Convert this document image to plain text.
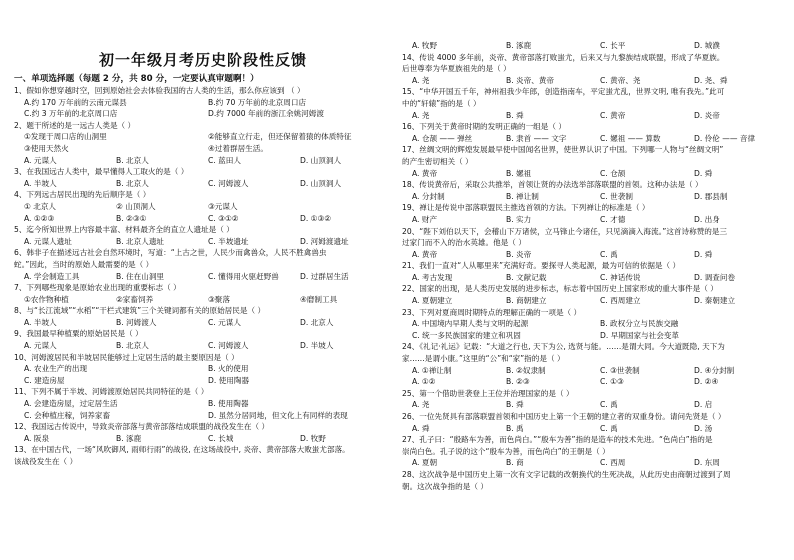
初一年级月考历史阶段性反馈
一、单项选择题（每题 2 分，共 80 分，一定要认真审题啊！）
1、假如你想穿越时空，回到原始社会去体验我国的古人类的生活，那么你应该到 （ ）
A.约 170 万年前的云南元谋县	B.约 70 万年前的北京周口店
C.约 3 万年前的北京周口店	D.约 7000 年前的浙江余姚河姆渡
2、题干所述的是一远古人类是（ ）
①发现于周口店的山洞里	②能够直立行走，但还保留着猿的体质特征
③使用天然火	④过着群居生活。
A. 元谋人	B. 北京人	C. 蓝田人	D. 山顶洞人
3、在我国远古人类中，最早懂得人工取火的是（ ）
A. 半坡人	B. 北京人	C. 河姆渡人	D. 山顶洞人
4、下列远古居民出现的先后顺序是（ ）
① 北京人	② 山顶洞人	③元谋人
A. ①②③	B. ②③①	C. ③①②	D. ①③②
5、迄今所知世界上内容最丰富、材料最齐全的直立人遗址是（ ）
A. 元谋人遗址	B. 北京人遗址	C. 半坡遗址	D. 河姆渡遗址
6、韩非子在描述远古社会自然环境时，写道：“上古之世，人民少而禽兽众，人民不胜禽兽虫
蛇。”因此，当时的原始人最需要的是（ ）
A. 学会制造工具	B. 住在山洞里	C. 懂得用火驱赶野兽	D. 过群居生活
7、下列哪些现象是原始农业出现的重要标志（ ）
①农作物种植	②家畜饲养	③聚落	④磨制工具
8、与“长江流域”“水稻”“干栏式建筑”三个关键词都有关的原始居民是（ ）
A. 半坡人	B. 河姆渡人	C. 元谋人	D. 北京人
9、我国最早种植粟的原始居民是（ ）
A. 元谋人	B. 北京人	C. 河姆渡人	D. 半坡人
10、河姆渡居民和半坡居民能够过上定居生活的最主要原因是（ ）
A. 农业生产的出现	B. 火的使用
C. 建造房屋	D. 使用陶器
11、下列不属于半坡、河姆渡原始居民共同特征的是（ ）
A. 会建造房屋，过定居生活	B. 使用陶器
C. 会种植庄稼，饲养家畜	D. 虽然分居同地，但文化上有同样的表现
12、我国远古传说中，导致炎帝部落与黄帝部落结成联盟的战役发生在（ ）
A. 阪泉	B. 涿鹿	C. 长城	D. 牧野
13、在中国古代，一场“风吹御风, 雨师行雨”的战役, 在这场战役中, 炎帝、黄帝部落大败蚩尤部落。
该战役发生在（ ）
A. 牧野	B. 涿鹿	C. 长平	D. 城濮
14、传说 4000 多年前，炎帝、黄帝部落打败蚩尤，后来又与九黎族结成联盟，形成了华夏族。
后世尊奉为华夏族祖先的是（ ）
A. 尧	B. 炎帝、黄帝	C. 黄帝、尧	D. 尧、舜
15、“中华开国五千年，神州祖我少年郎，创造指南车，平定蚩尤乱，世界文明, 唯有我先。”此可
中的“轩辕”指的是（ ）
A. 尧	B. 舜	C. 黄帝	D. 炎帝
16、下列关于黄帝时期的发明正确的一组是（ ）
A. 仓颉 —— 弹丝	B. 隶首 —— 文字	C. 嫘祖 —— 算数	D. 伶伦 —— 音律
17、丝绸文明的辉煌发展最早使中国闻名世界，使世界认识了中国。下列哪一人物与“丝绸文明”
的产生密切相关（ ）
A. 黄帝	B. 嫘祖	C. 仓颉	D. 舜
18、传说黄帝后，采取公共推举，首领让贤的办法选举部落联盟的首领。这种办法是（ ）
A. 分封制	B. 禅让制	C. 世袭制	D. 郡县制
19、禅让是传说中部落联盟民主推选首领的方法。下列禅让的标准是（ ）
A. 财产	B. 实力	C. 才德	D. 出身
20、“陛下刘伯以天下，会稽山下万诸侯，立马锋止今诸任，只见滴滴入海流。”这首诗称赞的是三
过家门而不入的治水英雄。他是（ ）
A. 黄帝	B. 炎帝	C. 禹	D. 舜
21、我们一直对“人从哪里来”充满好奇。要探寻人类起源，最为可信的依据是（ ）
A. 考古发现	B. 文献记载	C. 神话传说	D. 调查问卷
22、国家的出现，是人类历史发展的进步标志，标志着中国历史上国家形成的重大事件是（ ）
A. 夏朝建立	B. 商朝建立	C. 西周建立	D. 秦朝建立
23、下列对夏商周时期特点的理解正确的一项是（ ）
A. 中国境内早期人类与文明的起源	B. 政权分立与民族交融
C. 统一多民族国家的建立和巩固	D. 早期国家与社会变革
24、《礼记·礼运》记载：“大道之行也, 天下为公, 选贤与能。……是谓大同。今大道既隐, 天下为
家……是谓小康。”这里的“公”和“家”指的是（ ）
A. ①禅让制	B. ②奴隶制	C. ③世袭制	D. ④分封制
A. ①②	B. ②③	C. ①③	D. ②④
25、第一个借助世袭登上王位并治理国家的是（ ）
A. 尧	B. 舜	C. 禹	D. 启
26、一位先贤具有部落联盟首领和中国历史上第一个王朝的建立者的双重身份。请问先贤是（ ）
A. 舜	B. 禹	C. 禹	D. 汤
27、孔子曰：“殷路车为善，而色尚白。”“殷车为善”指的是造车的技术先进。“色尚白”指的是
崇尚白色。孔子说的这个“殷车为善，而色尚白”的王朝是（ ）
A. 夏朝	B. 商	C. 西周	D. 东周
28、这次战争是中国历史上第一次有文字记载的改朝换代的生死决战，从此历史由商朝过渡到了周
朝。这次战争指的是（ ）
